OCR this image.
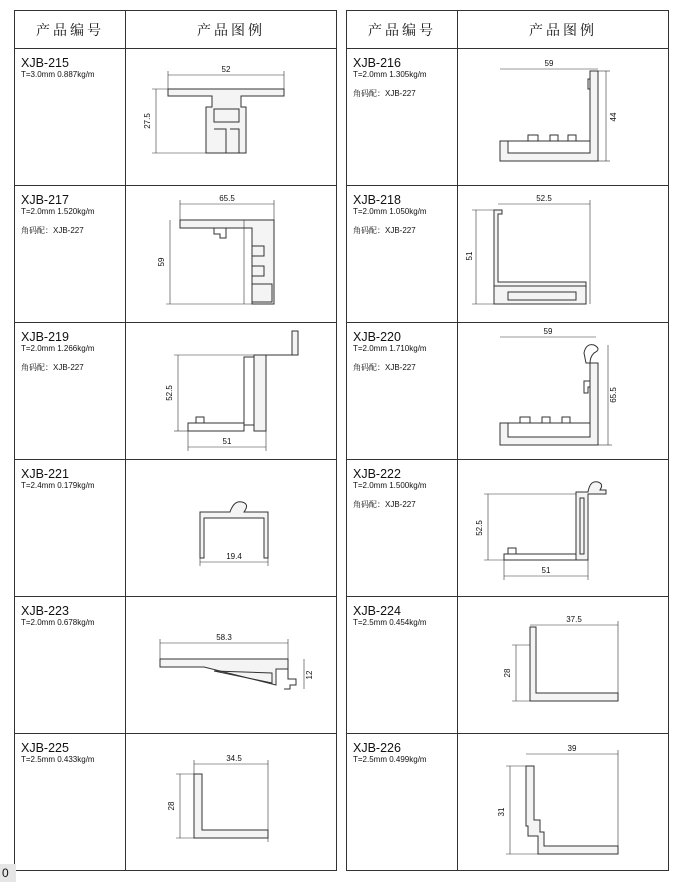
产品编号	产品图例

XJB-215
T=3.0mm 0.887kg/m	52
27.5

XJB-217
T=2.0mm 1.520kg/m
角码配：XJB-227	65.5
59

XJB-219
T=2.0mm 1.266kg/m
角码配：XJB-227	52.5
51

XJB-221
T=2.4mm 0.179kg/m	19.4

XJB-223
T=2.0mm 0.678kg/m	58.3
12

XJB-225
T=2.5mm 0.433kg/m	34.5
28
产品编号	产品图例

XJB-216
T=2.0mm 1.305kg/m
角码配：XJB-227	59
44

XJB-218
T=2.0mm 1.050kg/m
角码配：XJB-227	52.5
51

XJB-220
T=2.0mm 1.710kg/m
角码配：XJB-227	59
65.5

XJB-222
T=2.0mm 1.500kg/m
角码配：XJB-227	52.5
51

XJB-224
T=2.5mm 0.454kg/m	37.5
28

XJB-226
T=2.5mm 0.499kg/m	39
31
0
